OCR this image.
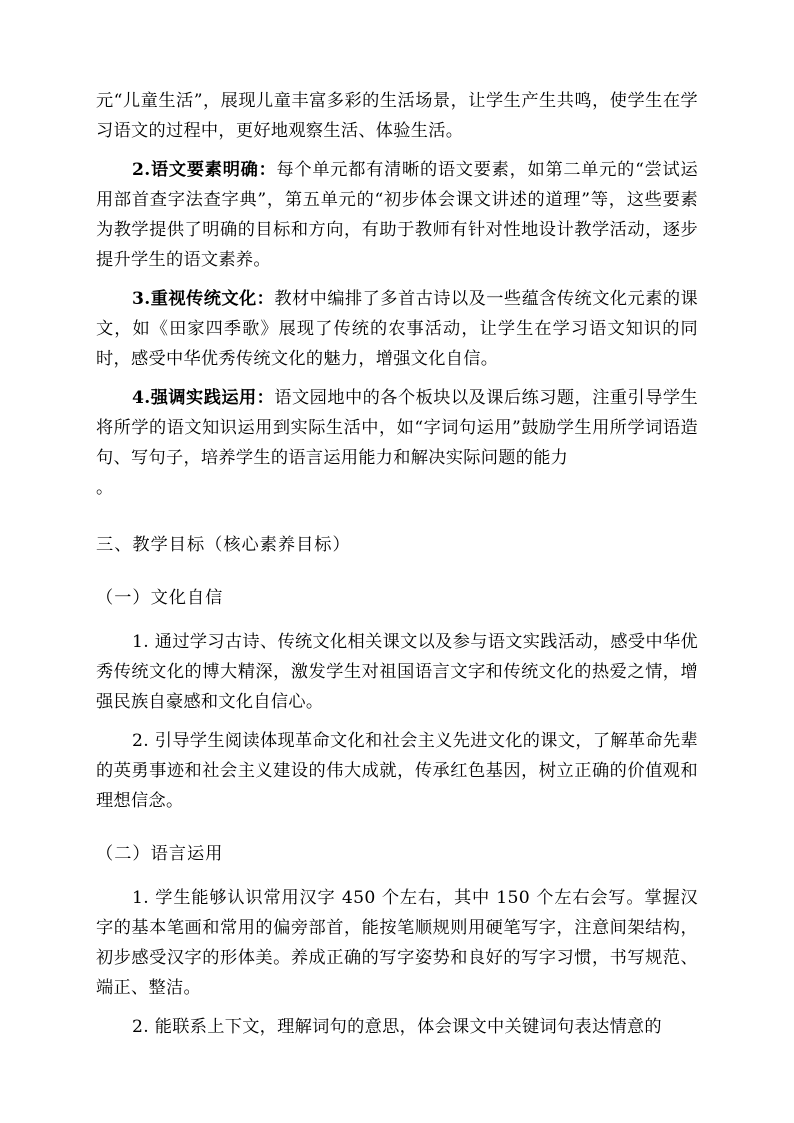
元“儿童生活”，展现儿童丰富多彩的生活场景，让学生产生共鸣，使学生在学习语文的过程中，更好地观察生活、体验生活。

2.语文要素明确：每个单元都有清晰的语文要素，如第二单元的“尝试运用部首查字法查字典”，第五单元的“初步体会课文讲述的道理”等，这些要素为教学提供了明确的目标和方向，有助于教师有针对性地设计教学活动，逐步提升学生的语文素养。

3.重视传统文化：教材中编排了多首古诗以及一些蕴含传统文化元素的课文，如《田家四季歌》展现了传统的农事活动，让学生在学习语文知识的同时，感受中华优秀传统文化的魅力，增强文化自信。

4.强调实践运用：语文园地中的各个板块以及课后练习题，注重引导学生将所学的语文知识运用到实际生活中，如“字词句运用”鼓励学生用所学词语造句、写句子，培养学生的语言运用能力和解决实际问题的能力

。

三、教学目标（核心素养目标）
（一）文化自信

1. 通过学习古诗、传统文化相关课文以及参与语文实践活动，感受中华优秀传统文化的博大精深，激发学生对祖国语言文字和传统文化的热爱之情，增强民族自豪感和文化自信心。

2. 引导学生阅读体现革命文化和社会主义先进文化的课文，了解革命先辈的英勇事迹和社会主义建设的伟大成就，传承红色基因，树立正确的价值观和理想信念。

（二）语言运用

1. 学生能够认识常用汉字 450 个左右，其中 150 个左右会写。掌握汉字的基本笔画和常用的偏旁部首，能按笔顺规则用硬笔写字，注意间架结构，初步感受汉字的形体美。养成正确的写字姿势和良好的写字习惯，书写规范、端正、整洁。

2. 能联系上下文，理解词句的意思，体会课文中关键词句表达情意的
